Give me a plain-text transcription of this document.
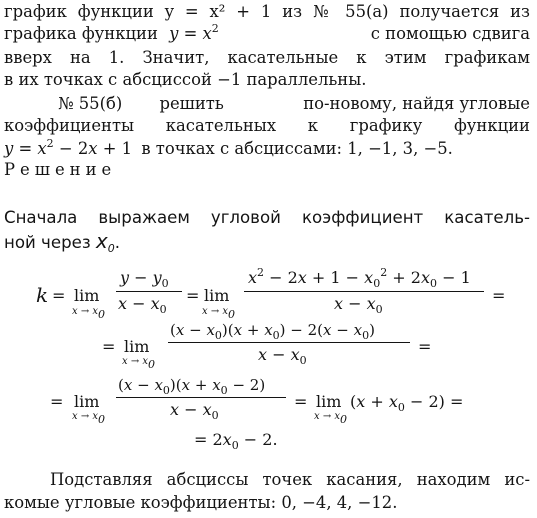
график функции y = x² + 1 из № 55(а) получается из
графика функции $y = x^2$	с помощью сдвига
вверх на 1. Значит, касательные к этим графикам
в их точках с абсциссой −1 параллельны.
№ 55(б) решить	по-новому, найдя угловые
коэффициенты касательных к графику функции
$y = x^2 - 2x + 1$ в точках с абсциссами: 1, −1, 3, −5.
Решение
Сначала выражаем угловой коэффициент касатель-
ной через $x_0$.
k = lim
$x \to x_0$
$y - y_0$
$x - x_0$
= lim
$x \to x_0$
$x^2 - 2x + 1 - x_0^2 + 2x_0 - 1$
$x - x_0$
=
= lim
$x \to x_0$
$(x - x_0)(x + x_0) - 2(x - x_0)$
$x - x_0$
=
= lim
$x \to x_0$
$(x - x_0)(x + x_0 - 2)$
$x - x_0$
= lim
$x \to x_0$
$(x + x_0 - 2)$ =
= $2x_0 - 2$.
Подставляя абсциссы точек касания, находим ис-
комые угловые коэффициенты: 0, −4, 4, −12.
